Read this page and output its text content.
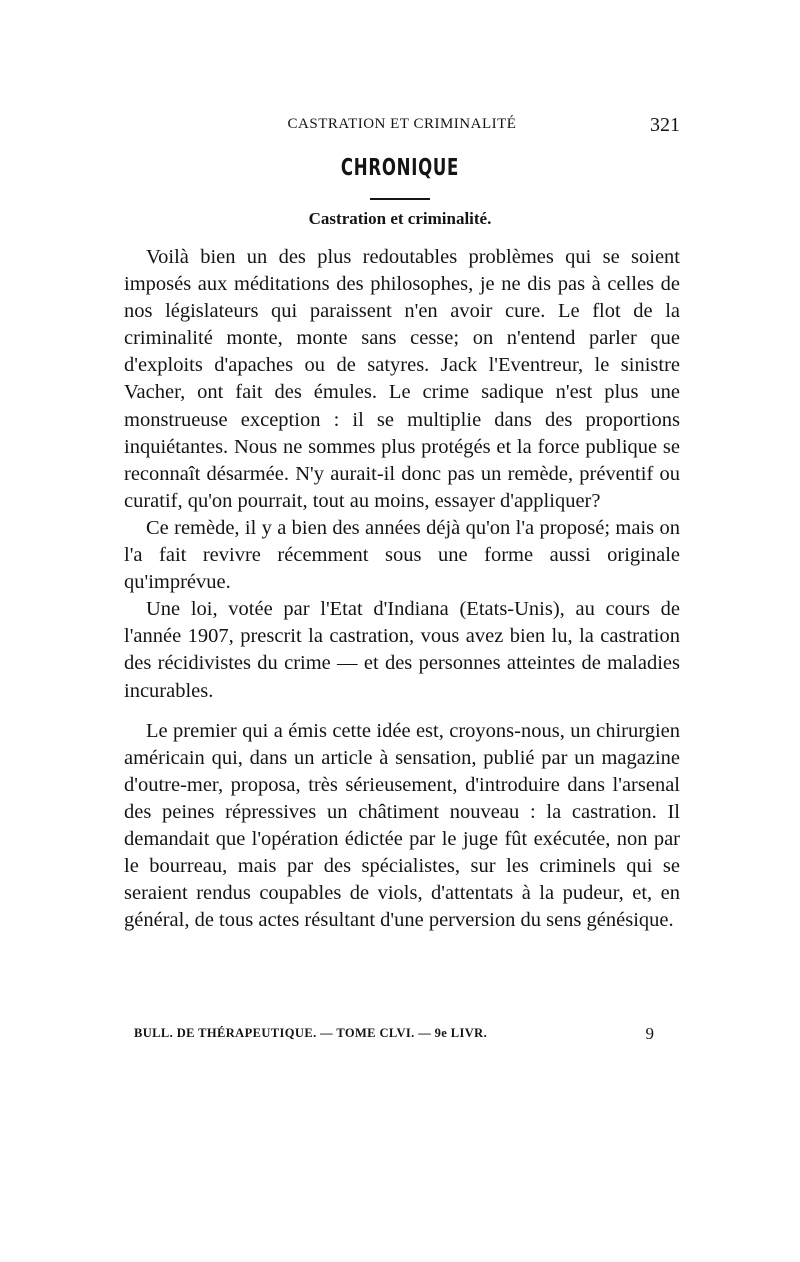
CASTRATION ET CRIMINALITÉ	321
CHRONIQUE
Castration et criminalité.

Voilà bien un des plus redoutables problèmes qui se soient imposés aux méditations des philosophes, je ne dis pas à celles de nos législateurs qui paraissent n'en avoir cure. Le flot de la criminalité monte, monte sans cesse; on n'entend parler que d'exploits d'apaches ou de satyres. Jack l'Eventreur, le sinistre Vacher, ont fait des émules. Le crime sadique n'est plus une monstrueuse exception : il se multiplie dans des proportions inquiétantes. Nous ne sommes plus protégés et la force publique se reconnaît désarmée. N'y aurait-il donc pas un remède, préventif ou curatif, qu'on pourrait, tout au moins, essayer d'appliquer?

Ce remède, il y a bien des années déjà qu'on l'a proposé; mais on l'a fait revivre récemment sous une forme aussi originale qu'imprévue.

Une loi, votée par l'Etat d'Indiana (Etats-Unis), au cours de l'année 1907, prescrit la castration, vous avez bien lu, la castration des récidivistes du crime — et des personnes atteintes de maladies incurables.

Le premier qui a émis cette idée est, croyons-nous, un chirurgien américain qui, dans un article à sensation, publié par un magazine d'outre-mer, proposa, très sérieusement, d'introduire dans l'arsenal des peines répressives un châtiment nouveau : la castration. Il demandait que l'opération édictée par le juge fût exécutée, non par le bourreau, mais par des spécialistes, sur les criminels qui se seraient rendus coupables de viols, d'attentats à la pudeur, et, en général, de tous actes résultant d'une perversion du sens génésique.

BULL. DE THÉRAPEUTIQUE. — TOME CLVI. — 9e LIVR.	9
